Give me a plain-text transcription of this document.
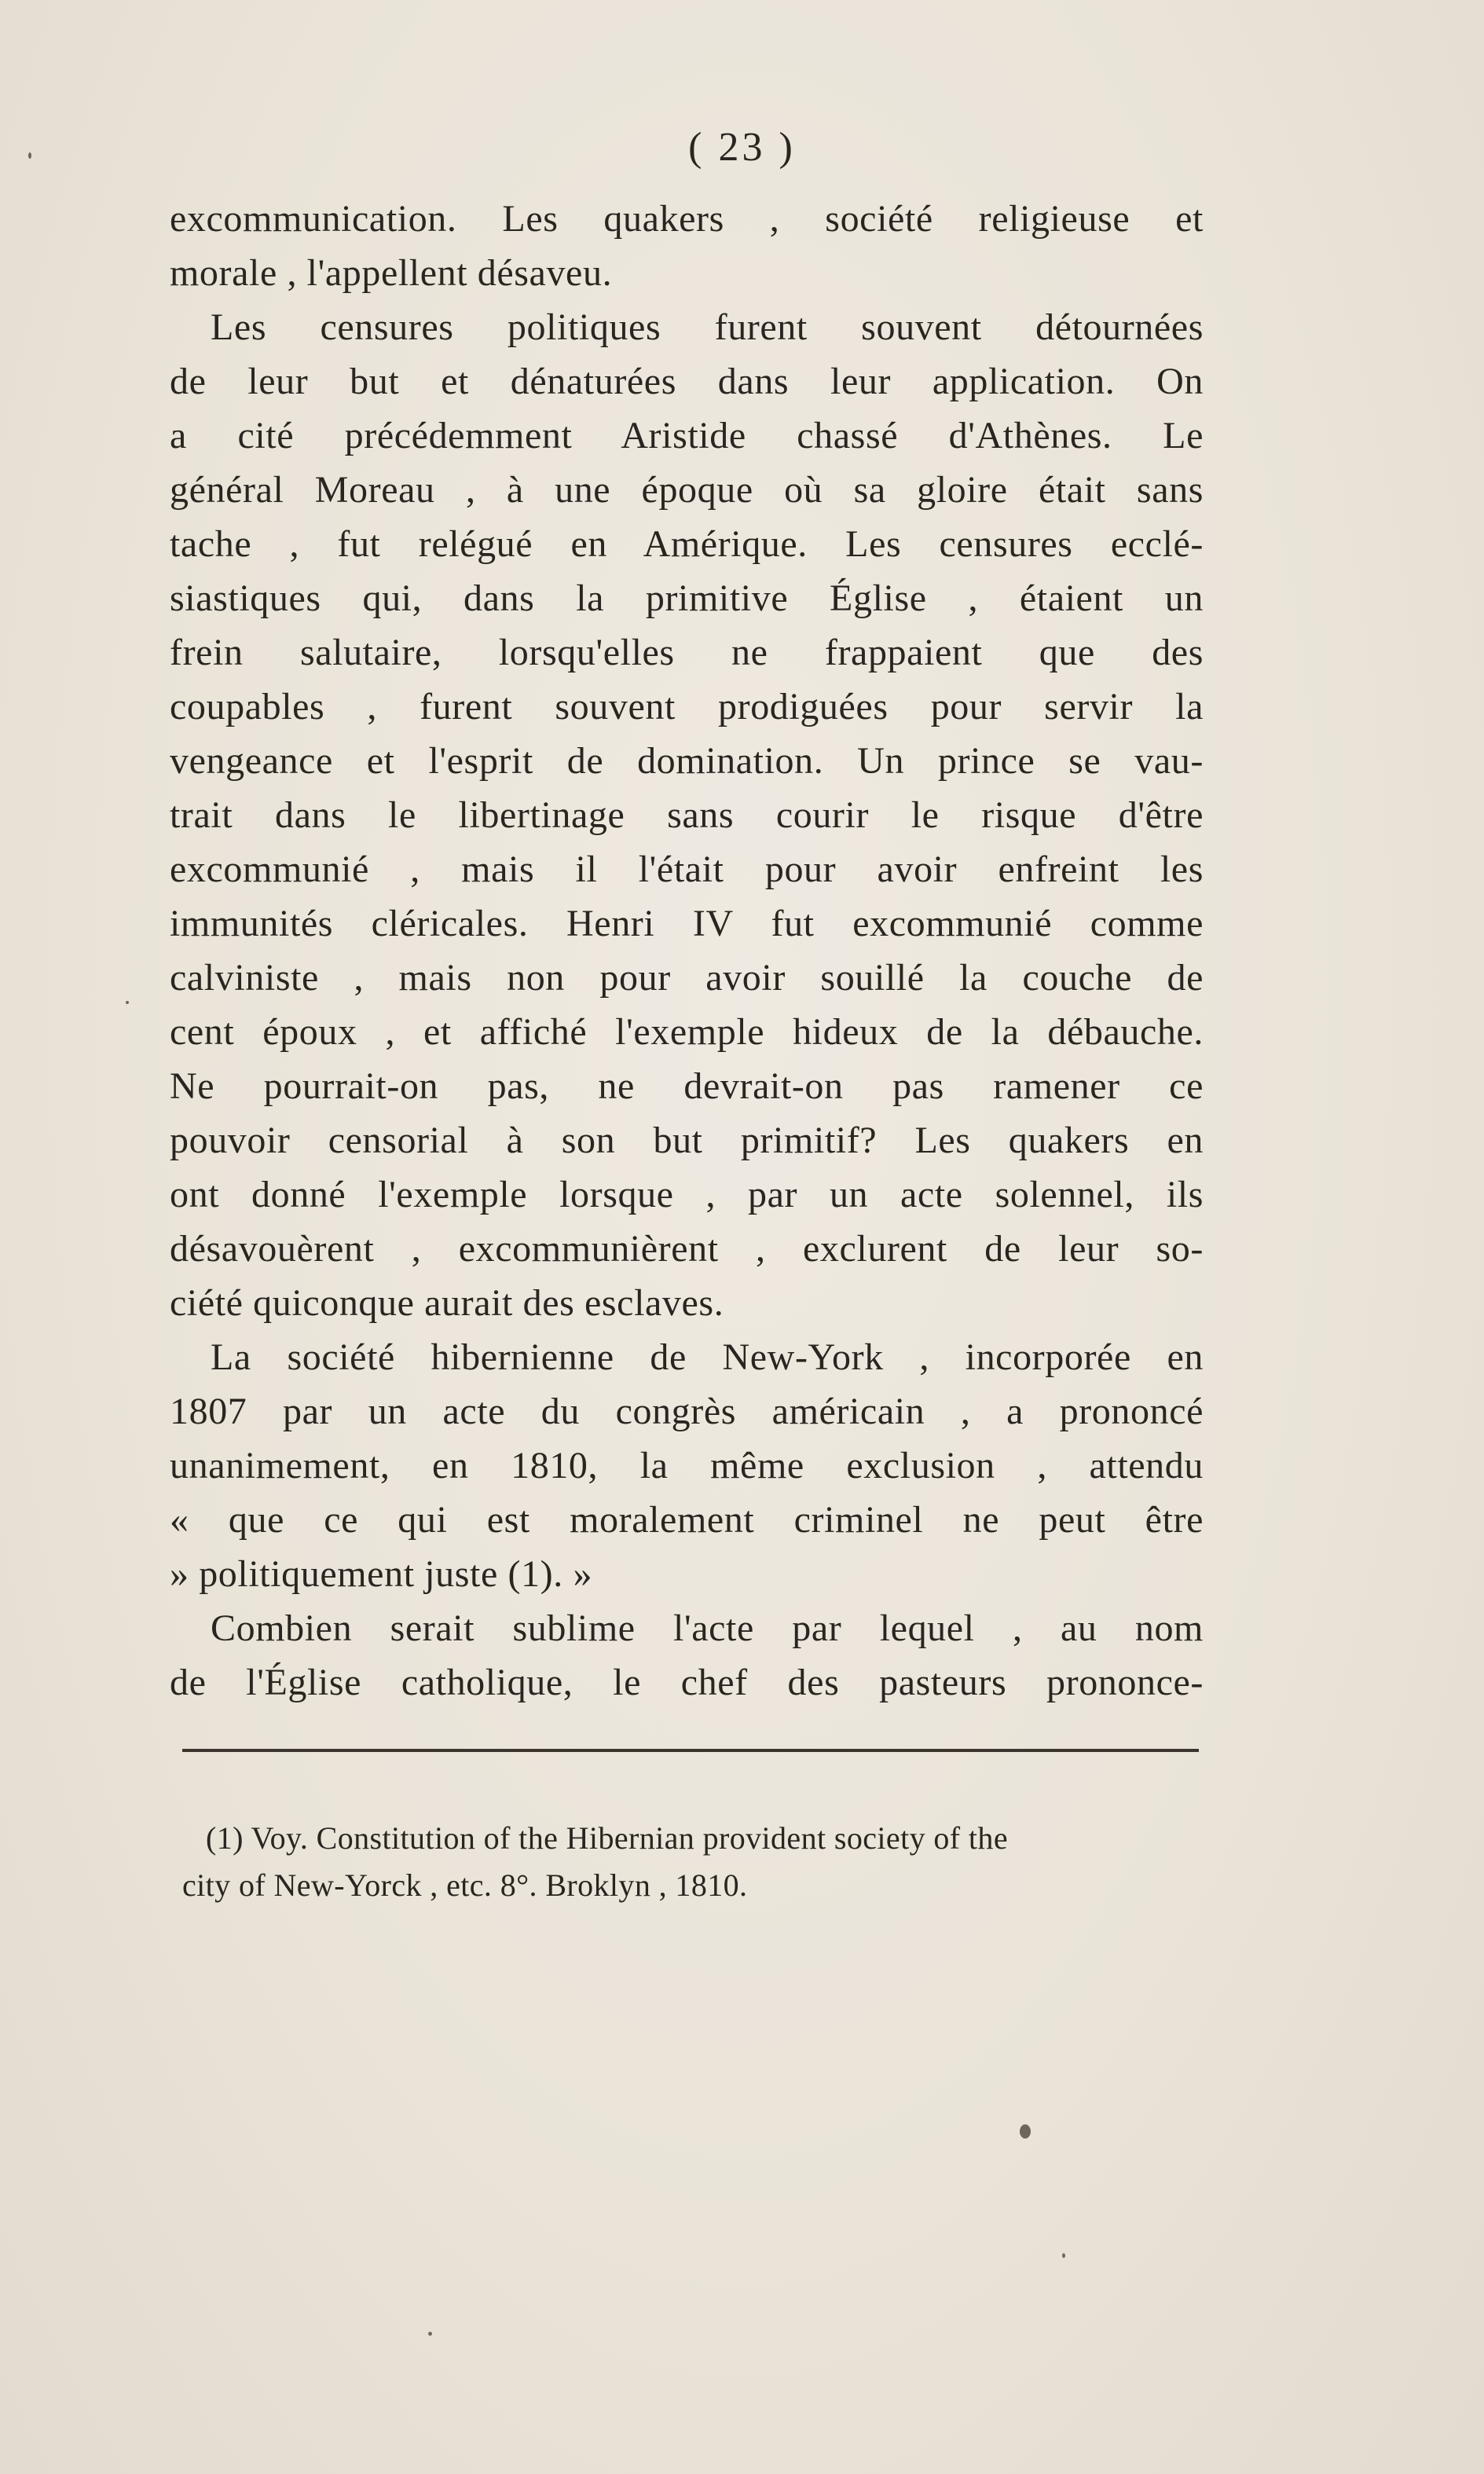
( 23 )
excommunication. Les quakers , société religieuse et
morale , l'appellent désaveu.
Les censures politiques furent souvent détournées
de leur but et dénaturées dans leur application. On
a cité précédemment Aristide chassé d'Athènes. Le
général Moreau , à une époque où sa gloire était sans
tache , fut relégué en Amérique. Les censures ecclé-
siastiques qui, dans la primitive Église , étaient un
frein salutaire, lorsqu'elles ne frappaient que des
coupables , furent souvent prodiguées pour servir la
vengeance et l'esprit de domination. Un prince se vau-
trait dans le libertinage sans courir le risque d'être
excommunié , mais il l'était pour avoir enfreint les
immunités cléricales. Henri IV fut excommunié comme
calviniste , mais non pour avoir souillé la couche de
cent époux , et affiché l'exemple hideux de la débauche.
Ne pourrait-on pas, ne devrait-on pas ramener ce
pouvoir censorial à son but primitif? Les quakers en
ont donné l'exemple lorsque , par un acte solennel, ils
désavouèrent , excommunièrent , exclurent de leur so-
ciété quiconque aurait des esclaves.
La société hibernienne de New-York , incorporée en
1807 par un acte du congrès américain , a prononcé
unanimement, en 1810, la même exclusion , attendu
« que ce qui est moralement criminel ne peut être
» politiquement juste (1). »
Combien serait sublime l'acte par lequel , au nom
de l'Église catholique, le chef des pasteurs prononce-
(1) Voy. Constitution of the Hibernian provident society of the
city of New-Yorck , etc. 8°. Broklyn , 1810.
